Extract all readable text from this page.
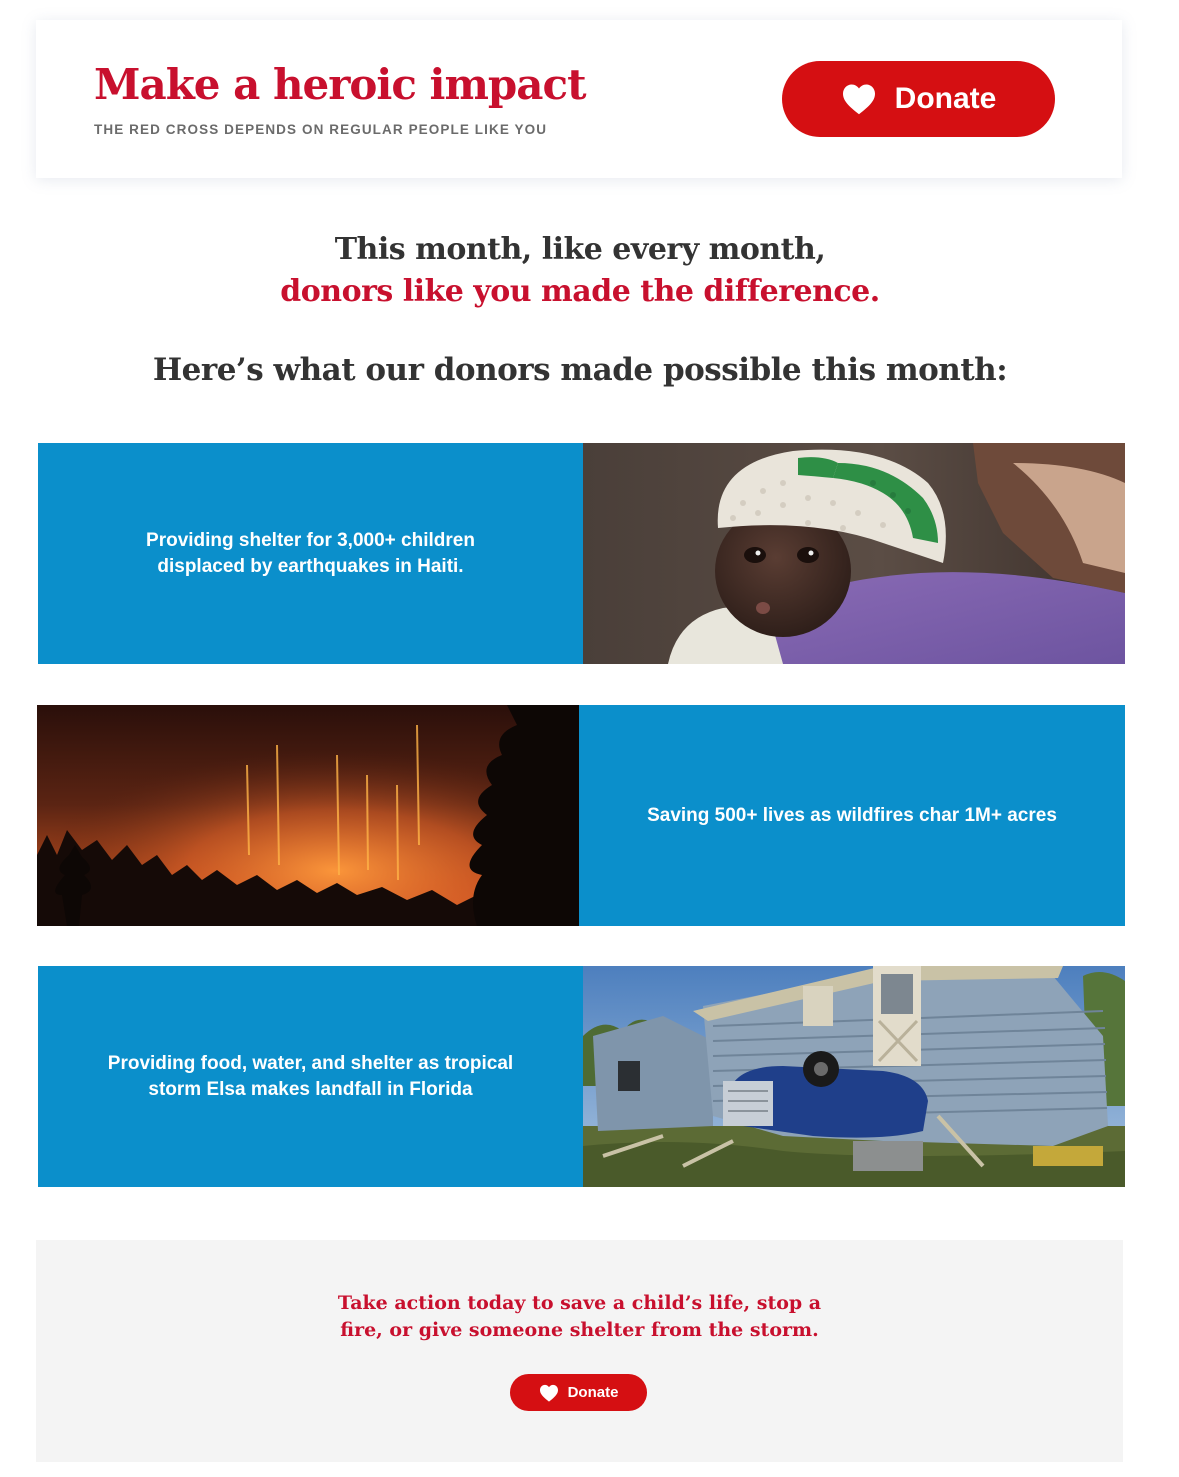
Make a heroic impact

THE RED CROSS DEPENDS ON REGULAR PEOPLE LIKE YOU

Donate

This month, like every month,

donors like you made the difference.

Here’s what our donors made possible this month:

Providing shelter for 3,000+ children
displaced by earthquakes in Haiti.
Saving 500+ lives as wildfires char 1M+ acres
Providing food, water, and shelter as tropical
storm Elsa makes landfall in Florida

Take action today to save a child’s life, stop a

fire, or give someone shelter from the storm.

Donate
